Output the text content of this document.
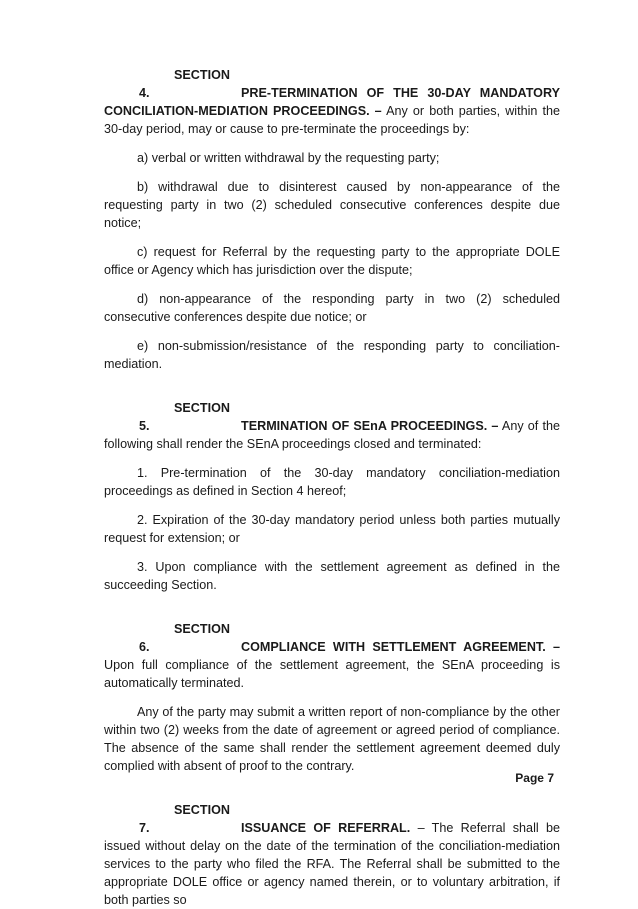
SECTION 4.	PRE-TERMINATION OF THE 30-DAY MANDATORY CONCILIATION-MEDIATION PROCEEDINGS. – Any or both parties, within the 30-day period, may or cause to pre-terminate the proceedings by:

a) verbal or written withdrawal by the requesting party;

b) withdrawal due to disinterest caused by non-appearance of the requesting party in two (2) scheduled consecutive conferences despite due notice;

c) request for Referral by the requesting party to the appropriate DOLE office or Agency which has jurisdiction over the dispute;

d) non-appearance of the responding party in two (2) scheduled consecutive conferences despite due notice; or

e) non-submission/resistance of the responding party to conciliation-mediation.

SECTION 5.	TERMINATION OF SEnA PROCEEDINGS. – Any of the following shall render the SEnA proceedings closed and terminated:

1. Pre-termination of the 30-day mandatory conciliation-mediation proceedings as defined in Section 4 hereof;

2. Expiration of the 30-day mandatory period unless both parties mutually request for extension; or

3. Upon compliance with the settlement agreement as defined in the succeeding Section.

SECTION 6.	COMPLIANCE WITH SETTLEMENT AGREEMENT. – Upon full compliance of the settlement agreement, the SEnA proceeding is automatically terminated.

Any of the party may submit a written report of non-compliance by the other within two (2) weeks from the date of agreement or agreed period of compliance. The absence of the same shall render the settlement agreement deemed duly complied with absent of proof to the contrary.

SECTION 7.	ISSUANCE OF REFERRAL. – The Referral shall be issued without delay on the date of the termination of the conciliation-mediation services to the party who filed the RFA. The Referral shall be submitted to the appropriate DOLE office or agency named therein, or to voluntary arbitration, if both parties so

Page 7
